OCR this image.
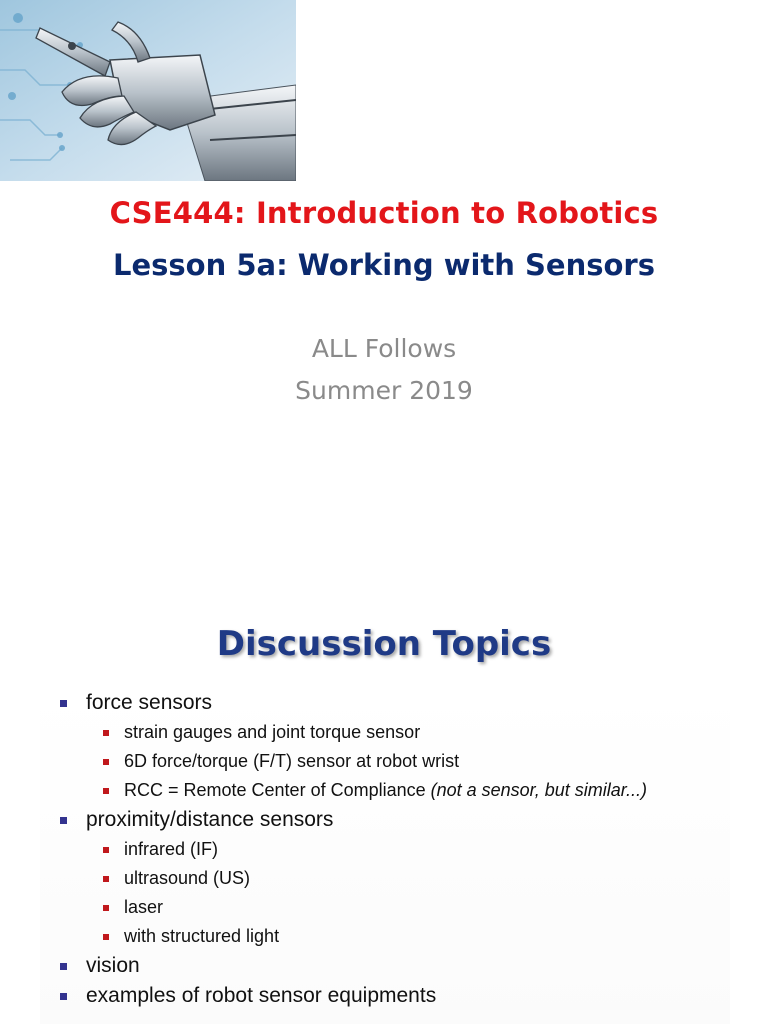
CSE444: Introduction to Robotics
Lesson 5a: Working with Sensors
ALL Follows
Summer 2019
Discussion Topics
force sensors
strain gauges and joint torque sensor
6D force/torque (F/T) sensor at robot wrist
RCC = Remote Center of Compliance (not a sensor, but similar...)
proximity/distance sensors
infrared (IF)
ultrasound (US)
laser
with structured light
vision
examples of robot sensor equipments
